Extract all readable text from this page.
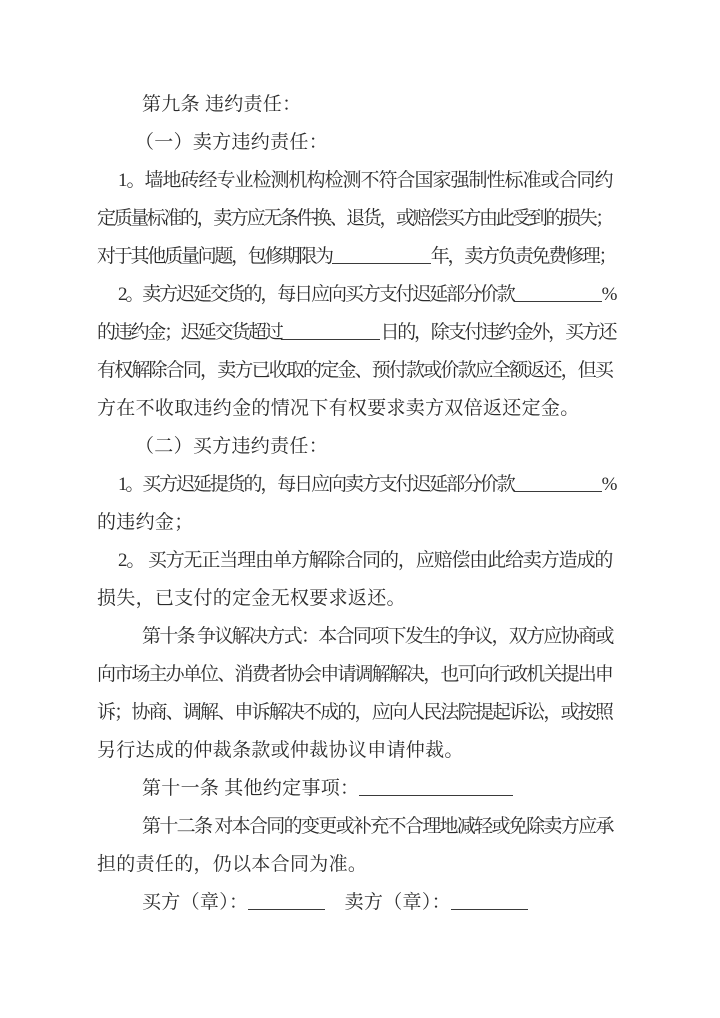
第九条 违约责任：
（一）卖方违约责任：
1。墙地砖经专业检测机构检测不符合国家强制性标准或合同约
定质量标准的，卖方应无条件换、退货，或赔偿买方由此受到的损失；
对于其他质量问题，包修期限为	年，卖方负责免费修理；
2。卖方迟延交货的，每日应向买方支付迟延部分价款	%
的违约金；迟延交货超过	日的，除支付违约金外，买方还
有权解除合同，卖方已收取的定金、预付款或价款应全额返还，但买
方在不收取违约金的情况下有权要求卖方双倍返还定金。
（二）买方违约责任：
1。买方迟延提货的，每日应向卖方支付迟延部分价款	%
的违约金；
2。 买方无正当理由单方解除合同的，应赔偿由此给卖方造成的
损失，已支付的定金无权要求返还。
第十条 争议解决方式：本合同项下发生的争议，双方应协商或
向市场主办单位、消费者协会申请调解解决，也可向行政机关提出申
诉；协商、调解、申诉解决不成的，应向人民法院提起诉讼，或按照
另行达成的仲裁条款或仲裁协议申请仲裁。
第十一条 其他约定事项：
第十二条 对本合同的变更或补充不合理地减轻或免除卖方应承
担的责任的，仍以本合同为准。
买方（章）：	　卖方（章）：
